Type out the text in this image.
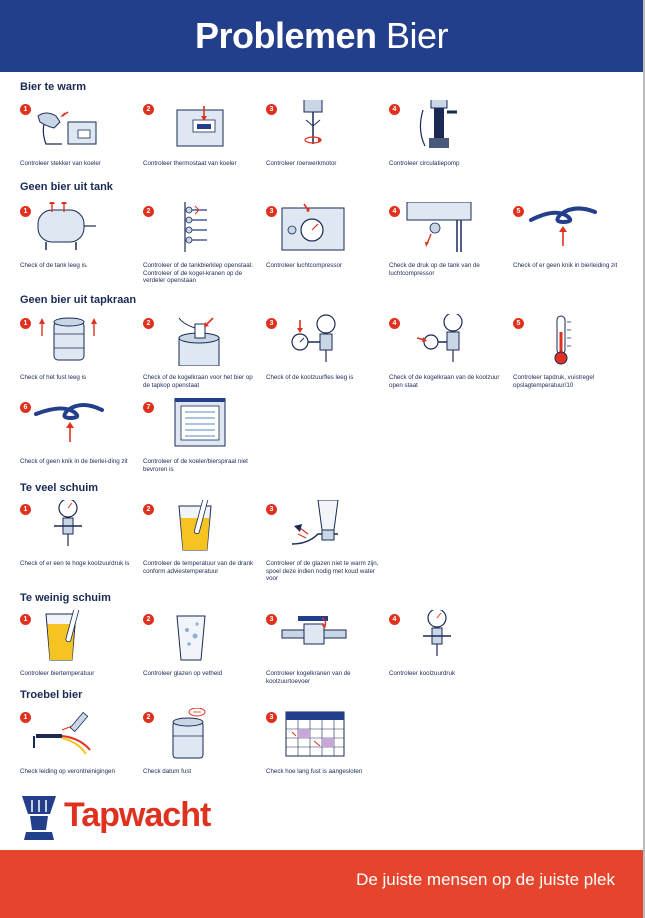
Problemen Bier
Bier te warm
1
Controleer stekker van koeler
2
Controleer thermostaat van koeler
3
Controleer roerwerkmotor
4
Controleer circulatiepomp
Geen bier uit tank
1
Check of de tank leeg is.
2
Controleer of de tankbierklep openstaat. Controleer of de kogel-kranen op de verdeler openstaan
3
Controleer luchtcompressor
4
Check de druk op de tank van de luchtcompressor
5
Check of er geen knik in bierleiding zit
Geen bier uit tapkraan
1
Check of het fust leeg is
2
Check of de kogelkraan voor het bier op de tapkop openstaat
3
Check of de koolzuurfles leeg is
4
Check of de kogelkraan van de koolzuur open staat
5
Controleer tapdruk, vuistregel opslagtemperatuur/10
6
Check of geen knik in de bierlei-ding zit
7
Controleer of de koeler/bierspiraal niet bevroren is
Te veel schuim
1
Check of er een te hoge koolzuurdruk is
2
Controleer de temperatuur van de drank conform adviestemperatuur
3
Controleer of de glazen niet te warm zijn, spoel deze indien nodig met koud water voor
Te weinig schuim
1
Controleer biertemperatuur
2
Controleer glazen op vetheid
3
Controleer kogelkranen van de koolzuurtoevoer
4
Controleer koolzuurdruk
Troebel bier
1
Check leiding op verontreinigingen
2
Check datum fust
3
Check hoe lang fust is aangesloten
Tapwacht
De juiste mensen op de juiste plek
